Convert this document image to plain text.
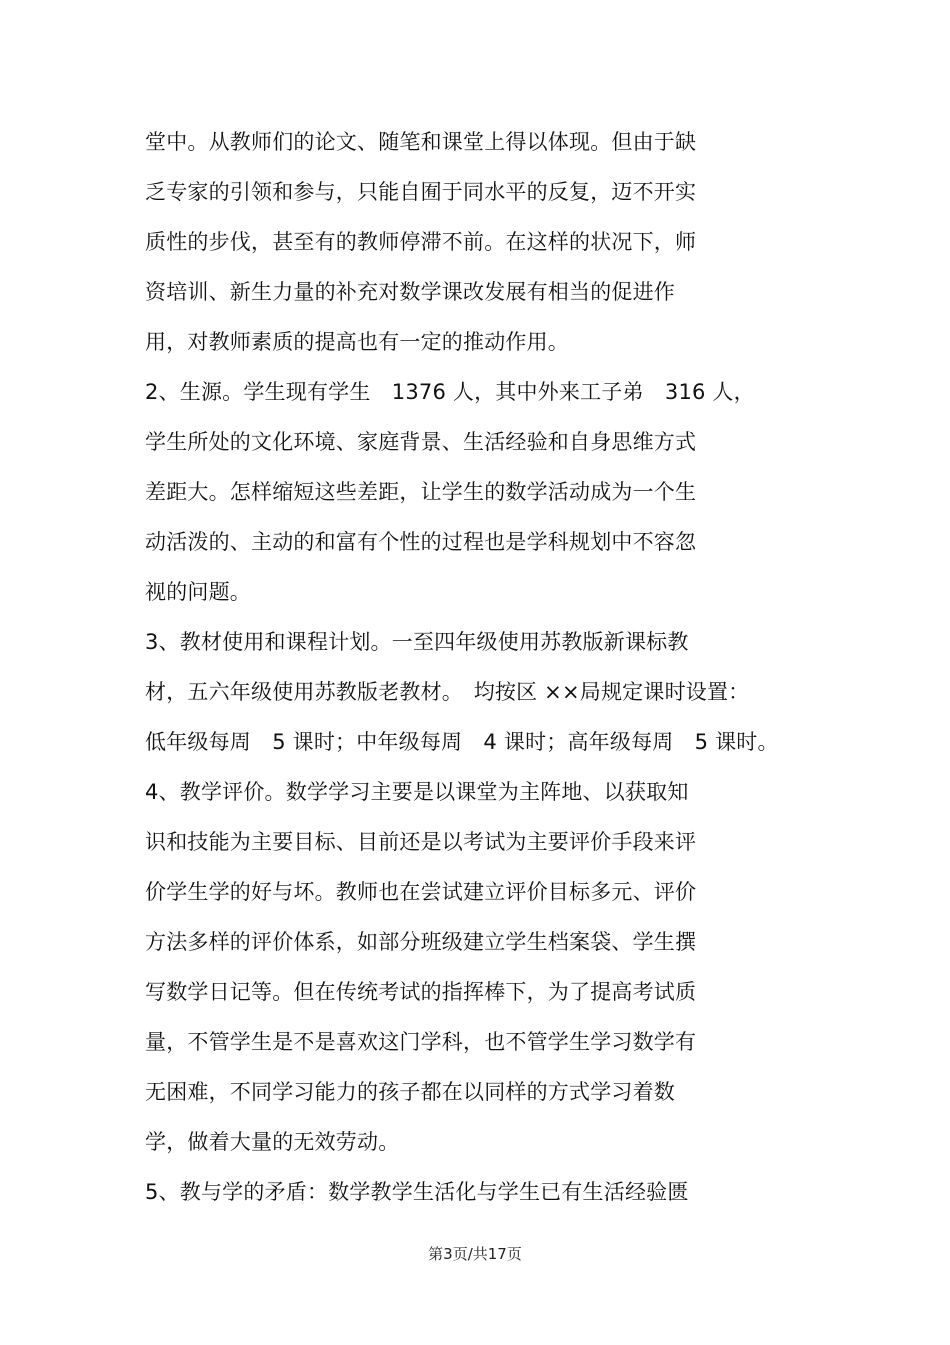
堂中。从教师们的论文、随笔和课堂上得以体现。但由于缺
乏专家的引领和参与，只能自囿于同水平的反复，迈不开实
质性的步伐，甚至有的教师停滞不前。在这样的状况下，师
资培训、新生力量的补充对数学课改发展有相当的促进作
用，对教师素质的提高也有一定的推动作用。
2、生源。学生现有学生　1376 人，其中外来工子弟　316 人，
学生所处的文化环境、家庭背景、生活经验和自身思维方式
差距大。怎样缩短这些差距，让学生的数学活动成为一个生
动活泼的、主动的和富有个性的过程也是学科规划中不容忽
视的问题。
3、教材使用和课程计划。一至四年级使用苏教版新课标教
材，五六年级使用苏教版老教材。　均按区 ××局规定课时设置：
低年级每周　5 课时；中年级每周　4 课时；高年级每周　5 课时。
4、教学评价。数学学习主要是以课堂为主阵地、以获取知
识和技能为主要目标、目前还是以考试为主要评价手段来评
价学生学的好与坏。教师也在尝试建立评价目标多元、评价
方法多样的评价体系，如部分班级建立学生档案袋、学生撰
写数学日记等。但在传统考试的指挥棒下，为了提高考试质
量，不管学生是不是喜欢这门学科，也不管学生学习数学有
无困难，不同学习能力的孩子都在以同样的方式学习着数
学，做着大量的无效劳动。
5、教与学的矛盾：数学教学生活化与学生已有生活经验匮
第3页/共17页
